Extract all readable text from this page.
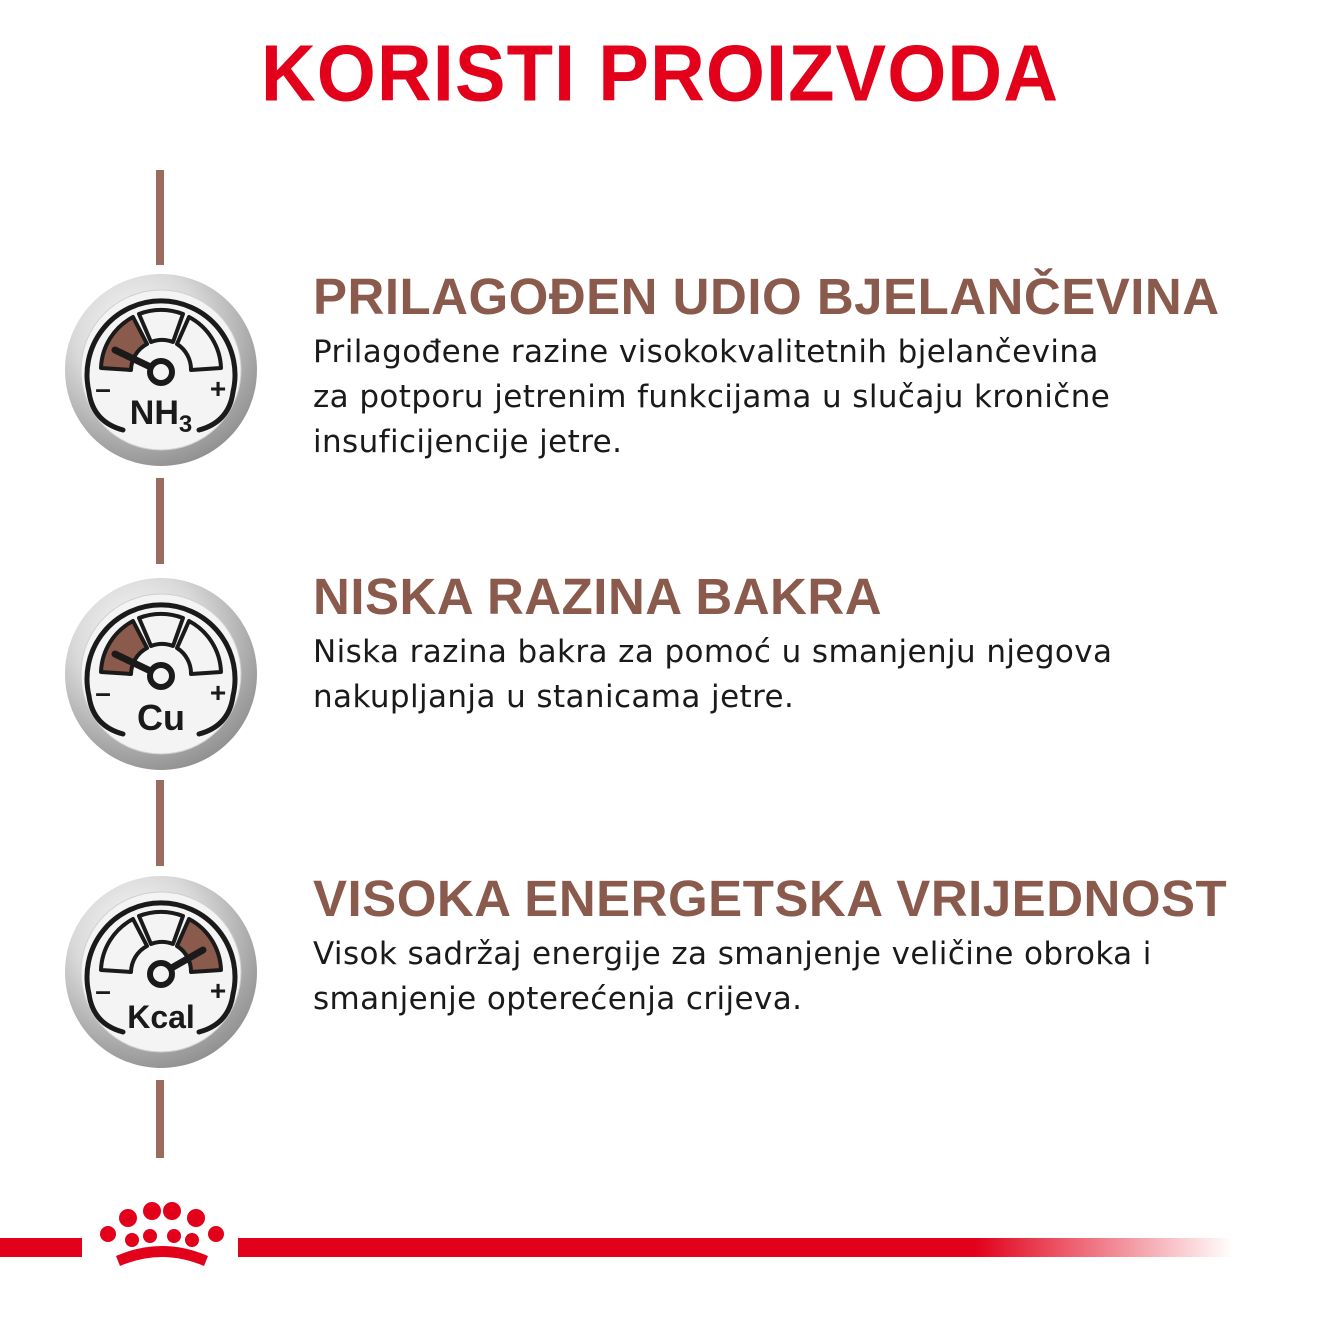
KORISTI PROIZVODA
–	+
$NH_3$
–	+
Cu
–	+
Kcal
PRILAGOĐEN UDIO BJELANČEVINA

Prilagođene razine visokokvalitetnih bjelančevina
za potporu jetrenim funkcijama u slučaju kronične
insuficijencije jetre.

NISKA RAZINA BAKRA

Niska razina bakra za pomoć u smanjenju njegova
nakupljanja u stanicama jetre.

VISOKA ENERGETSKA VRIJEDNOST

Visok sadržaj energije za smanjenje veličine obroka i
smanjenje opterećenja crijeva.
